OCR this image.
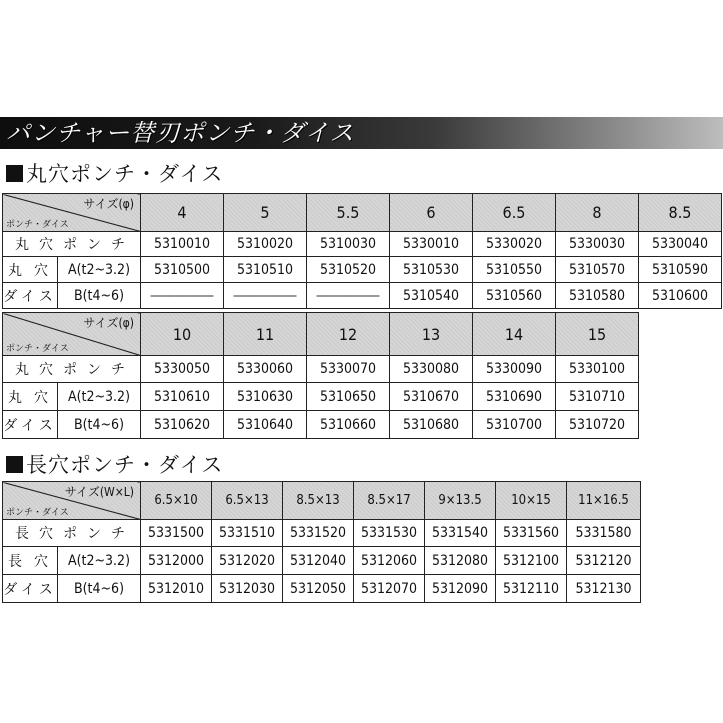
パンチャー替刃ポンチ・ダイス
丸穴ポンチ・ダイス
サイズ(φ)
ポンチ・ダイス		4	5	5.5	6	6.5	8	8.5
丸 穴 ポ ン チ		5310010	5310020	5310030	5330010	5330020	5330030	5330040
丸 穴	A(t2~3.2)	5310500	5310510	5310520	5310530	5310550	5310570	5310590
ダイス	B(t4~6)	―――――	―――――	―――――	5310540	5310560	5310580	5310600
サイズ(φ)
ポンチ・ダイス		10	11	12	13	14	15
丸 穴 ポ ン チ		5330050	5330060	5330070	5330080	5330090	5330100
丸 穴	A(t2~3.2)	5310610	5310630	5310650	5310670	5310690	5310710
ダイス	B(t4~6)	5310620	5310640	5310660	5310680	5310700	5310720
長穴ポンチ・ダイス
サイズ(W×L)
ポンチ・ダイス		6.5×10	6.5×13	8.5×13	8.5×17	9×13.5	10×15	11×16.5
長 穴 ポ ン チ		5331500	5331510	5331520	5331530	5331540	5331560	5331580
長 穴	A(t2~3.2)	5312000	5312020	5312040	5312060	5312080	5312100	5312120
ダイス	B(t4~6)	5312010	5312030	5312050	5312070	5312090	5312110	5312130
